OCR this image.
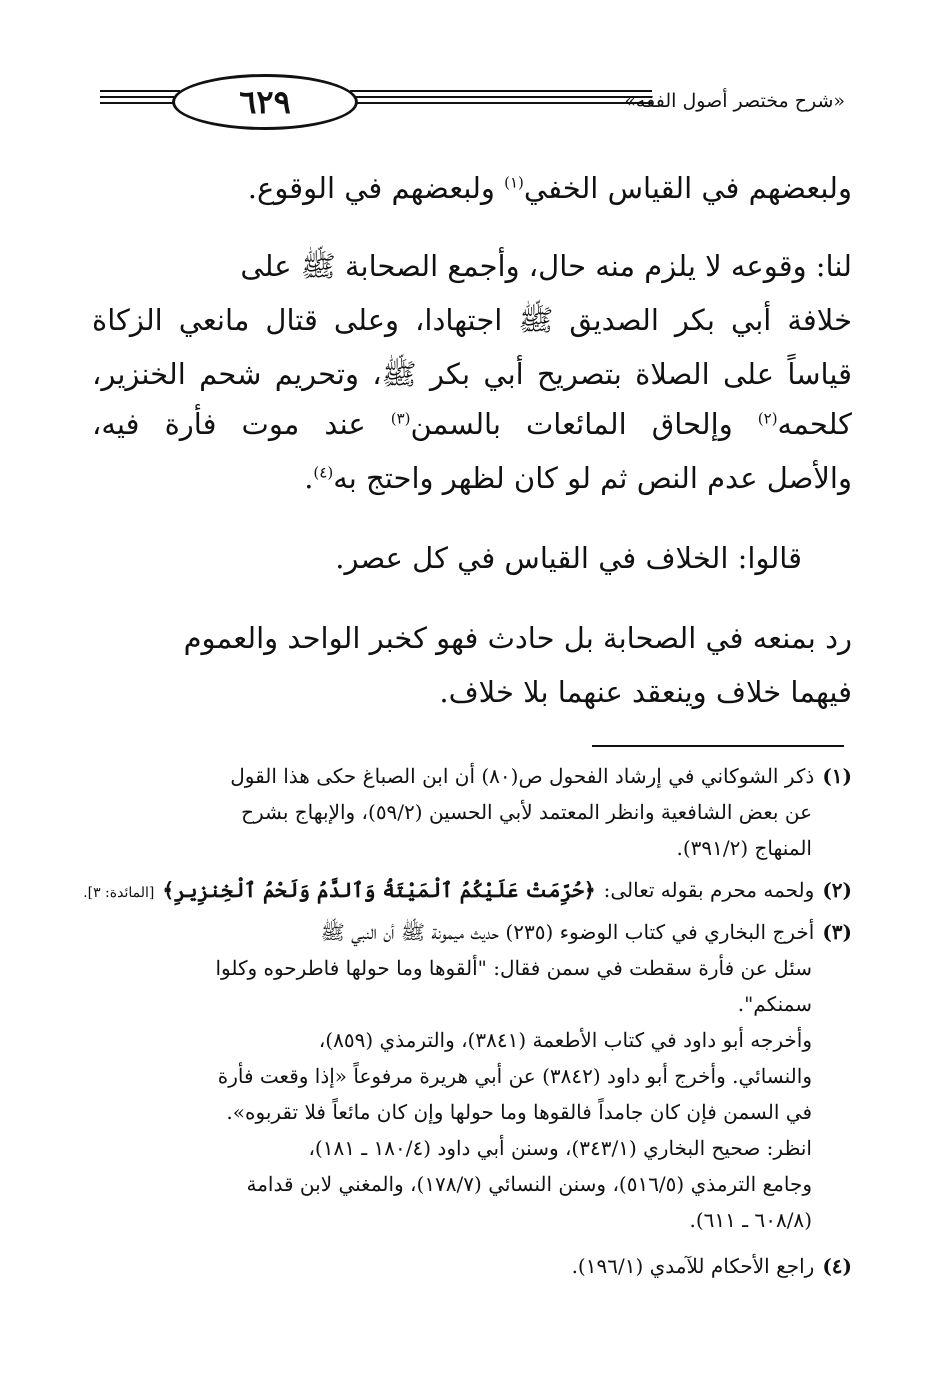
٦٢٩	«شرح مختصر أصول الفقه»
ولبعضهم في القياس الخفي$^{(١)}$ ولبعضهم في الوقوع.
لنا: وقوعه لا يلزم منه حال، وأجمع الصحابة ﷺ على
خلافة أبي بكر الصديق ﷺ اجتهادا، وعلى قتال مانعي الزكاة
قياساً على الصلاة بتصريح أبي بكر ﷺ، وتحريم شحم الخنزير،
كلحمه$^{(٢)}$ وإلحاق المائعات بالسمن$^{(٣)}$ عند موت فأرة فيه،
والأصل عدم النص ثم لو كان لظهر واحتج به$^{(٤)}$.
قالوا: الخلاف في القياس في كل عصر.
رد بمنعه في الصحابة بل حادث فهو كخبر الواحد والعموم
فيهما خلاف وينعقد عنهما بلا خلاف.
(١)ذكر الشوكاني في إرشاد الفحول ص(٨٠) أن ابن الصباغ حكى هذا القول
عن بعض الشافعية وانظر المعتمد لأبي الحسين (٥٩/٢)، والإبهاج بشرح
المنهاج (٣٩١/٢).
(٢)ولحمه محرم بقوله تعالى:﴿حُرِّمَتْ عَلَيْكُمُ ٱلْمَيْتَةُ وَٱلدَّمُ وَلَحْمُ ٱلْخِنزِيرِ﴾[المائدة: ٣].
(٣)أخرج البخاري في كتاب الوضوء (٢٣٥) حديث ميمونة ﷺ أن النبي ﷺ
سئل عن فأرة سقطت في سمن فقال: "ألقوها وما حولها فاطرحوه وكلوا
سمنكم".
وأخرجه أبو داود في كتاب الأطعمة (٣٨٤١)، والترمذي (٨٥٩)،
والنسائي. وأخرج أبو داود (٣٨٤٢) عن أبي هريرة مرفوعاً «إذا وقعت فأرة
في السمن فإن كان جامداً فالقوها وما حولها وإن كان مائعاً فلا تقربوه».
انظر: صحيح البخاري (٣٤٣/١)، وسنن أبي داود (١٨٠/٤ ـ ١٨١)،
وجامع الترمذي (٥١٦/٥)، وسنن النسائي (١٧٨/٧)، والمغني لابن قدامة
(٦٠٨/٨ ـ ٦١١).
(٤)راجع الأحكام للآمدي (١٩٦/١).
